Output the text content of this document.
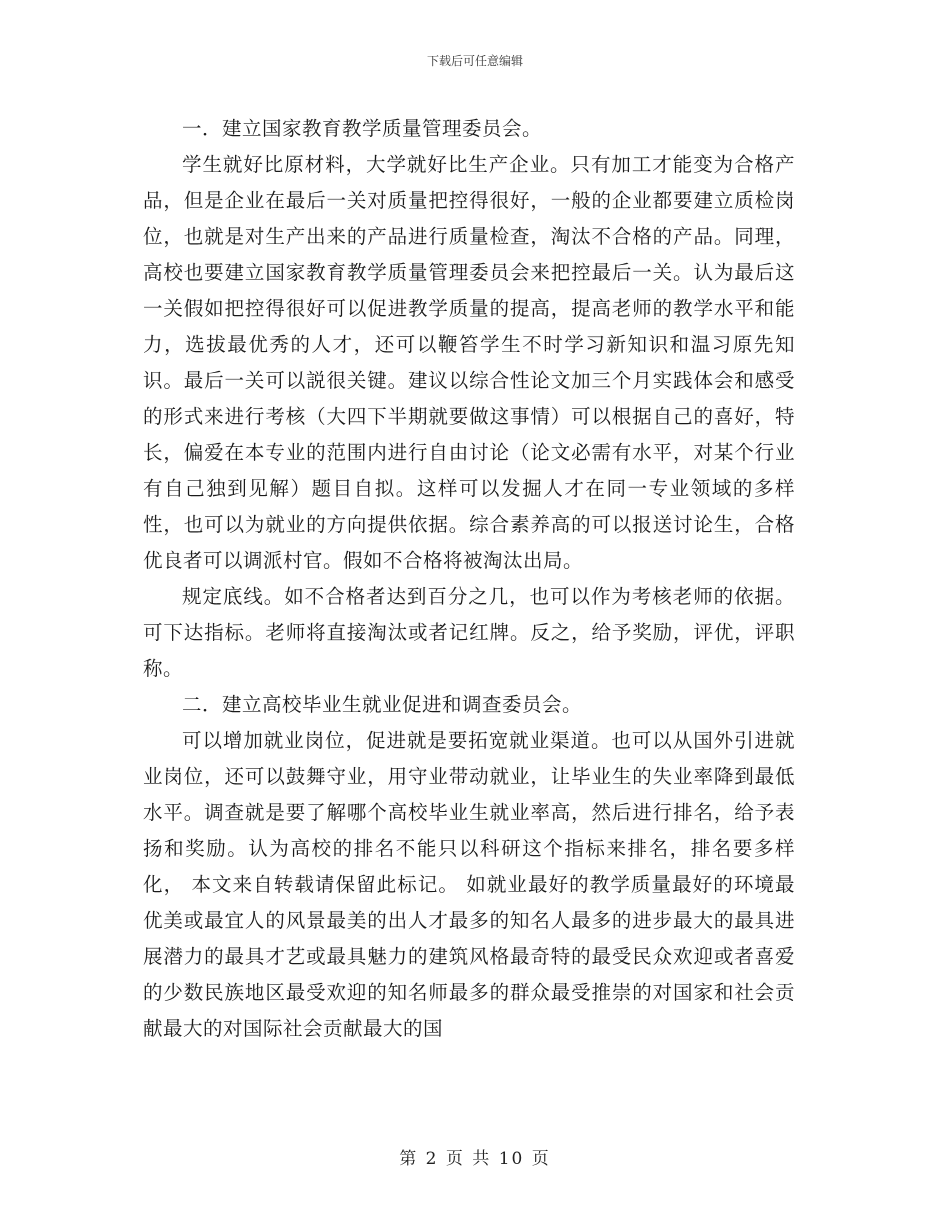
下载后可任意编辑

一．建立国家教育教学质量管理委员会。

学生就好比原材料，大学就好比生产企业。只有加工才能变为合格产品，但是企业在最后一关对质量把控得很好，一般的企业都要建立质检岗位，也就是对生产出来的产品进行质量检查，淘汰不合格的产品。同理，高校也要建立国家教育教学质量管理委员会来把控最后一关。认为最后这一关假如把控得很好可以促进教学质量的提高，提高老师的教学水平和能力，选拔最优秀的人才，还可以鞭笞学生不时学习新知识和温习原先知识。最后一关可以説很关键。建议以综合性论文加三个月实践体会和感受的形式来进行考核（大四下半期就要做这事情）可以根据自己的喜好，特长，偏爱在本专业的范围内进行自由讨论（论文必需有水平，对某个行业有自己独到见解）题目自拟。这样可以发掘人才在同一专业领域的多样性，也可以为就业的方向提供依据。综合素养高的可以报送讨论生，合格优良者可以调派村官。假如不合格将被淘汰出局。

规定底线。如不合格者达到百分之几，也可以作为考核老师的依据。可下达指标。老师将直接淘汰或者记红牌。反之，给予奖励，评优，评职称。

二．建立高校毕业生就业促进和调查委员会。

可以增加就业岗位，促进就是要拓宽就业渠道。也可以从国外引进就业岗位，还可以鼓舞守业，用守业带动就业，让毕业生的失业率降到最低水平。调查就是要了解哪个高校毕业生就业率高，然后进行排名，给予表扬和奖励。认为高校的排名不能只以科研这个指标来排名，排名要多样化， 本文来自转载请保留此标记。 如就业最好的教学质量最好的环境最优美或最宜人的风景最美的出人才最多的知名人最多的进步最大的最具进展潜力的最具才艺或最具魅力的建筑风格最奇特的最受民众欢迎或者喜爱的少数民族地区最受欢迎的知名师最多的群众最受推崇的对国家和社会贡献最大的对国际社会贡献最大的国

第 2 页 共 10 页
